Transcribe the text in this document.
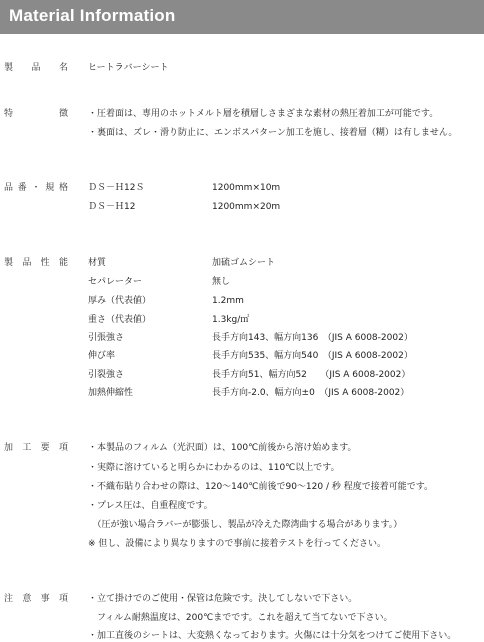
Material Information
製 品 名 ヒートラバーシート
特	徴 ・圧着面は、専用のホットメルト層を積層しさまざまな素材の熱圧着加工が可能です。
・裏面は、ズレ・滑り防止に、エンボスパターン加工を施し、接着層（糊）は有しません。
品 番 ・ 規 格 ＤＳ－Ｈ12Ｓ	1200mm×10m
ＤＳ－Ｈ12	1200mm×20m
製 品 性 能 材質	加硫ゴムシート
セパレーター	無し
厚み（代表値）	1.2mm
重さ（代表値）	1.3kg/㎡
引張強さ	長手方向143、幅方向136　（JIS A 6008-2002）
伸び率	長手方向535、幅方向540　（JIS A 6008-2002）
引裂強さ	長手方向51、幅方向52　　（JIS A 6008-2002）
加熱伸縮性	長手方向-2.0、幅方向±0　（JIS A 6008-2002）
加 工 要 項 ・本製品のフィルム（光沢面）は、100℃前後から溶け始めます。
・実際に溶けていると明らかにわかるのは、110℃以上です。
・不織布貼り合わせの際は、120～140℃前後で90～120 / 秒 程度で接着可能です。
・プレス圧は、自重程度です。
　（圧が強い場合ラバーが膨張し、製品が冷えた際湾曲する場合があります。）
※ 但し、設備により異なりますので事前に接着テストを行ってください。
注 意 事 項 ・立て掛けでのご使用・保管は危険です。決してしないで下さい。
　フィルム耐熱温度は、200℃までです。これを超えて当てないで下さい。
・加工直後のシートは、大変熱くなっております。火傷には十分気をつけてご使用下さい。
